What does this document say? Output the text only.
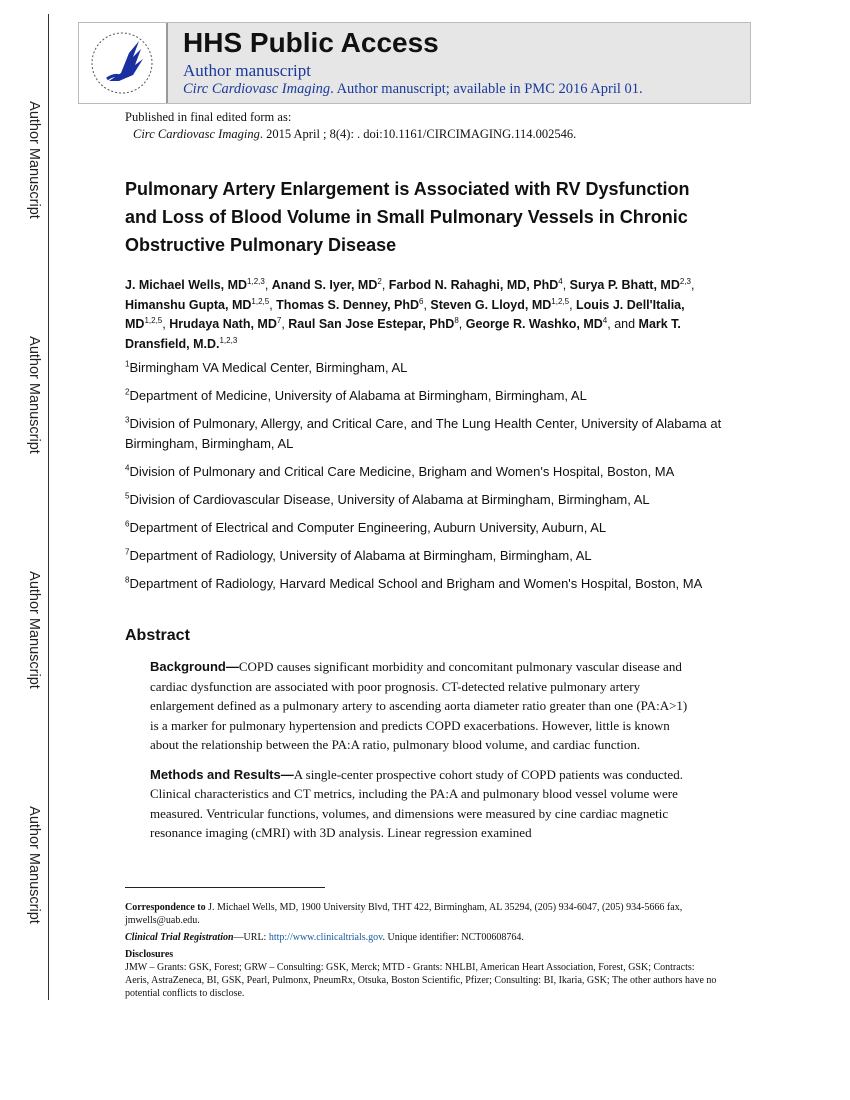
Author Manuscript
Author Manuscript
Author Manuscript
Author Manuscript
HHS Public Access
Author manuscript
Circ Cardiovasc Imaging. Author manuscript; available in PMC 2016 April 01.
Published in final edited form as:
Circ Cardiovasc Imaging. 2015 April ; 8(4): . doi:10.1161/CIRCIMAGING.114.002546.
Pulmonary Artery Enlargement is Associated with RV Dysfunction and Loss of Blood Volume in Small Pulmonary Vessels in Chronic Obstructive Pulmonary Disease
J. Michael Wells, MD$^{1,2,3}$, Anand S. Iyer, $MD^2$, Farbod N. Rahaghi, MD, PhD$^4$, Surya P. Bhatt, MD$^{2,3}$, Himanshu Gupta, MD$^{1,2,5}$, Thomas S. Denney, PhD$^6$, Steven G. Lloyd, MD$^{1,2,5}$, Louis J. Dell'Italia, MD$^{1,2,5}$, Hrudaya Nath, $MD^7$, Raul San Jose Estepar, PhD$^8$, George R. Washko, $MD^4$, and Mark T. Dransfield, M.D.$^{1,2,3}$
$^1$Birmingham VA Medical Center, Birmingham, AL
$^2$Department of Medicine, University of Alabama at Birmingham, Birmingham, AL
$^3$Division of Pulmonary, Allergy, and Critical Care, and The Lung Health Center, University of Alabama at Birmingham, Birmingham, AL
$^4$Division of Pulmonary and Critical Care Medicine, Brigham and Women's Hospital, Boston, MA
$^5$Division of Cardiovascular Disease, University of Alabama at Birmingham, Birmingham, AL
$^6$Department of Electrical and Computer Engineering, Auburn University, Auburn, AL
$^7$Department of Radiology, University of Alabama at Birmingham, Birmingham, AL
$^8$Department of Radiology, Harvard Medical School and Brigham and Women's Hospital, Boston, MA
Abstract

Background—COPD causes significant morbidity and concomitant pulmonary vascular disease and cardiac dysfunction are associated with poor prognosis. CT-detected relative pulmonary artery enlargement defined as a pulmonary artery to ascending aorta diameter ratio greater than one (PA:A>1) is a marker for pulmonary hypertension and predicts COPD exacerbations. However, little is known about the relationship between the PA:A ratio, pulmonary blood volume, and cardiac function.

Methods and Results—A single-center prospective cohort study of COPD patients was conducted. Clinical characteristics and CT metrics, including the PA:A and pulmonary blood vessel volume were measured. Ventricular functions, volumes, and dimensions were measured by cine cardiac magnetic resonance imaging (cMRI) with 3D analysis. Linear regression examined

Correspondence to J. Michael Wells, MD, 1900 University Blvd, THT 422, Birmingham, AL 35294, (205) 934-6047, (205) 934-5666 fax, jmwells@uab.edu.

Clinical Trial Registration—URL: http://www.clinicaltrials.gov. Unique identifier: NCT00608764.

Disclosures
JMW – Grants: GSK, Forest; GRW – Consulting: GSK, Merck; MTD - Grants: NHLBI, American Heart Association, Forest, GSK; Contracts: Aeris, AstraZeneca, BI, GSK, Pearl, Pulmonx, PneumRx, Otsuka, Boston Scientific, Pfizer; Consulting: BI, Ikaria, GSK; The other authors have no potential conflicts to disclose.
